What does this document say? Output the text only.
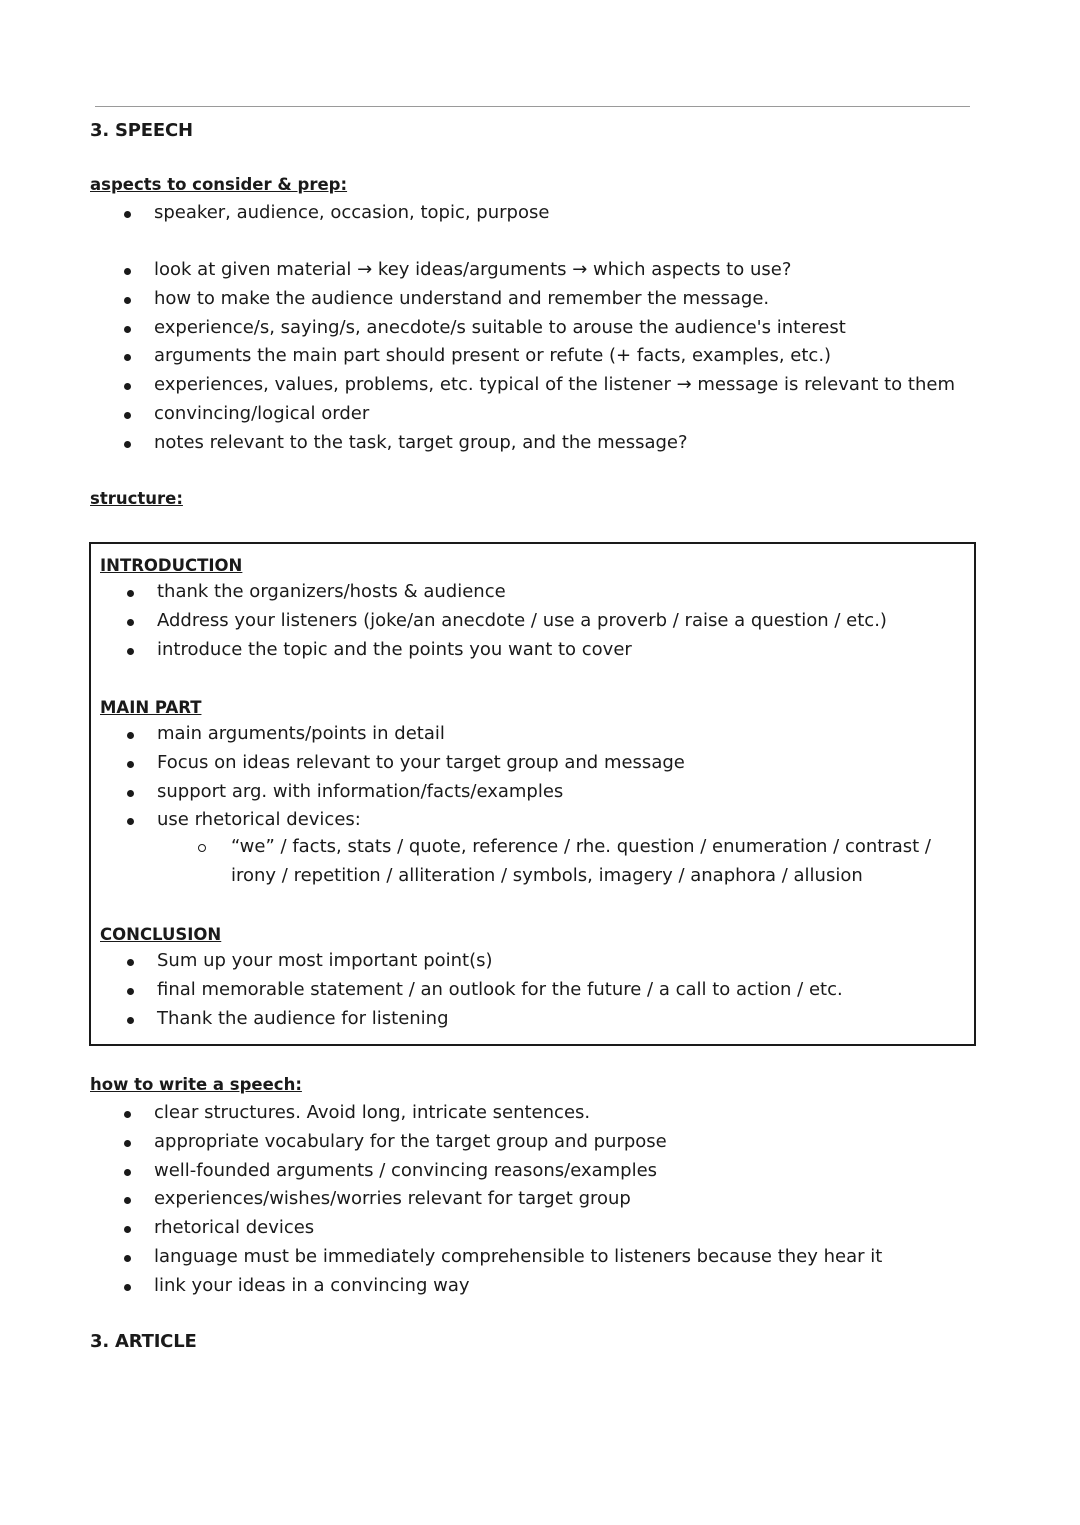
3. SPEECH
aspects to consider & prep:
speaker, audience, occasion, topic, purpose
look at given material → key ideas/arguments → which aspects to use?
how to make the audience understand and remember the message.
experience/s, saying/s, anecdote/s suitable to arouse the audience's interest
arguments the main part should present or refute (+ facts, examples, etc.)
experiences, values, problems, etc. typical of the listener → message is relevant to them
convincing/logical order
notes relevant to the task, target group, and the message?
structure:
INTRODUCTION
thank the organizers/hosts & audience
Address your listeners (joke/an anecdote / use a proverb / raise a question / etc.)
introduce the topic and the points you want to cover
MAIN PART
main arguments/points in detail
Focus on ideas relevant to your target group and message
support arg. with information/facts/examples
use rhetorical devices:
“we” / facts, stats / quote, reference / rhe. question / enumeration / contrast / irony / repetition / alliteration / symbols, imagery / anaphora / allusion
CONCLUSION
Sum up your most important point(s)
final memorable statement / an outlook for the future / a call to action / etc.
Thank the audience for listening
how to write a speech:
clear structures. Avoid long, intricate sentences.
appropriate vocabulary for the target group and purpose
well-founded arguments / convincing reasons/examples
experiences/wishes/worries relevant for target group
rhetorical devices
language must be immediately comprehensible to listeners because they hear it
link your ideas in a convincing way
3. ARTICLE
